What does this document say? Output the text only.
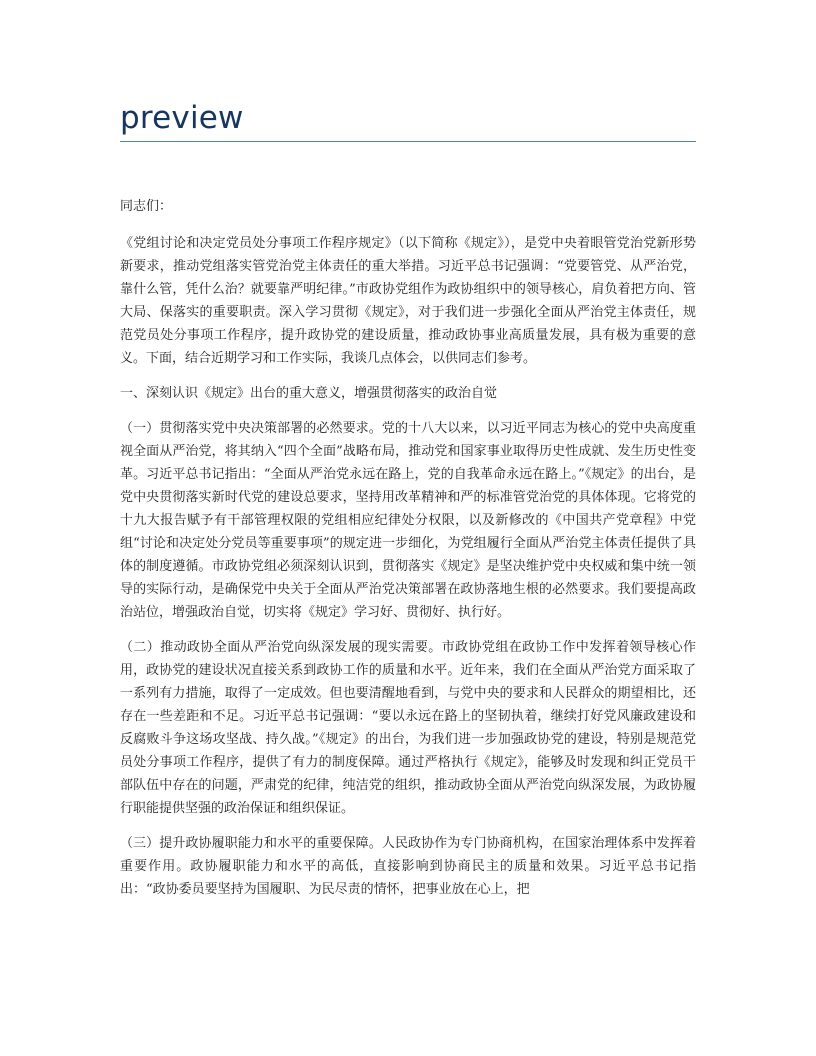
preview

同志们：

《党组讨论和决定党员处分事项工作程序规定》（以下简称《规定》），是党中央着眼管党治党新形势新要求，推动党组落实管党治党主体责任的重大举措。习近平总书记强调：“党要管党、从严治党，靠什么管，凭什么治？就要靠严明纪律。”市政协党组作为政协组织中的领导核心，肩负着把方向、管大局、保落实的重要职责。深入学习贯彻《规定》，对于我们进一步强化全面从严治党主体责任，规范党员处分事项工作程序，提升政协党的建设质量，推动政协事业高质量发展，具有极为重要的意义。下面，结合近期学习和工作实际，我谈几点体会，以供同志们参考。

一、深刻认识《规定》出台的重大意义，增强贯彻落实的政治自觉

（一）贯彻落实党中央决策部署的必然要求。党的十八大以来，以习近平同志为核心的党中央高度重视全面从严治党，将其纳入“四个全面”战略布局，推动党和国家事业取得历史性成就、发生历史性变革。习近平总书记指出：“全面从严治党永远在路上，党的自我革命永远在路上。”《规定》的出台，是党中央贯彻落实新时代党的建设总要求，坚持用改革精神和严的标准管党治党的具体体现。它将党的十九大报告赋予有干部管理权限的党组相应纪律处分权限，以及新修改的《中国共产党章程》中党组“讨论和决定处分党员等重要事项”的规定进一步细化，为党组履行全面从严治党主体责任提供了具体的制度遵循。市政协党组必须深刻认识到，贯彻落实《规定》是坚决维护党中央权威和集中统一领导的实际行动，是确保党中央关于全面从严治党决策部署在政协落地生根的必然要求。我们要提高政治站位，增强政治自觉，切实将《规定》学习好、贯彻好、执行好。

（二）推动政协全面从严治党向纵深发展的现实需要。市政协党组在政协工作中发挥着领导核心作用，政协党的建设状况直接关系到政协工作的质量和水平。近年来，我们在全面从严治党方面采取了一系列有力措施，取得了一定成效。但也要清醒地看到，与党中央的要求和人民群众的期望相比，还存在一些差距和不足。习近平总书记强调：“要以永远在路上的坚韧执着，继续打好党风廉政建设和反腐败斗争这场攻坚战、持久战。”《规定》的出台，为我们进一步加强政协党的建设，特别是规范党员处分事项工作程序，提供了有力的制度保障。通过严格执行《规定》，能够及时发现和纠正党员干部队伍中存在的问题，严肃党的纪律，纯洁党的组织，推动政协全面从严治党向纵深发展，为政协履行职能提供坚强的政治保证和组织保证。

（三）提升政协履职能力和水平的重要保障。人民政协作为专门协商机构，在国家治理体系中发挥着重要作用。政协履职能力和水平的高低，直接影响到协商民主的质量和效果。习近平总书记指出：“政协委员要坚持为国履职、为民尽责的情怀，把事业放在心上，把
